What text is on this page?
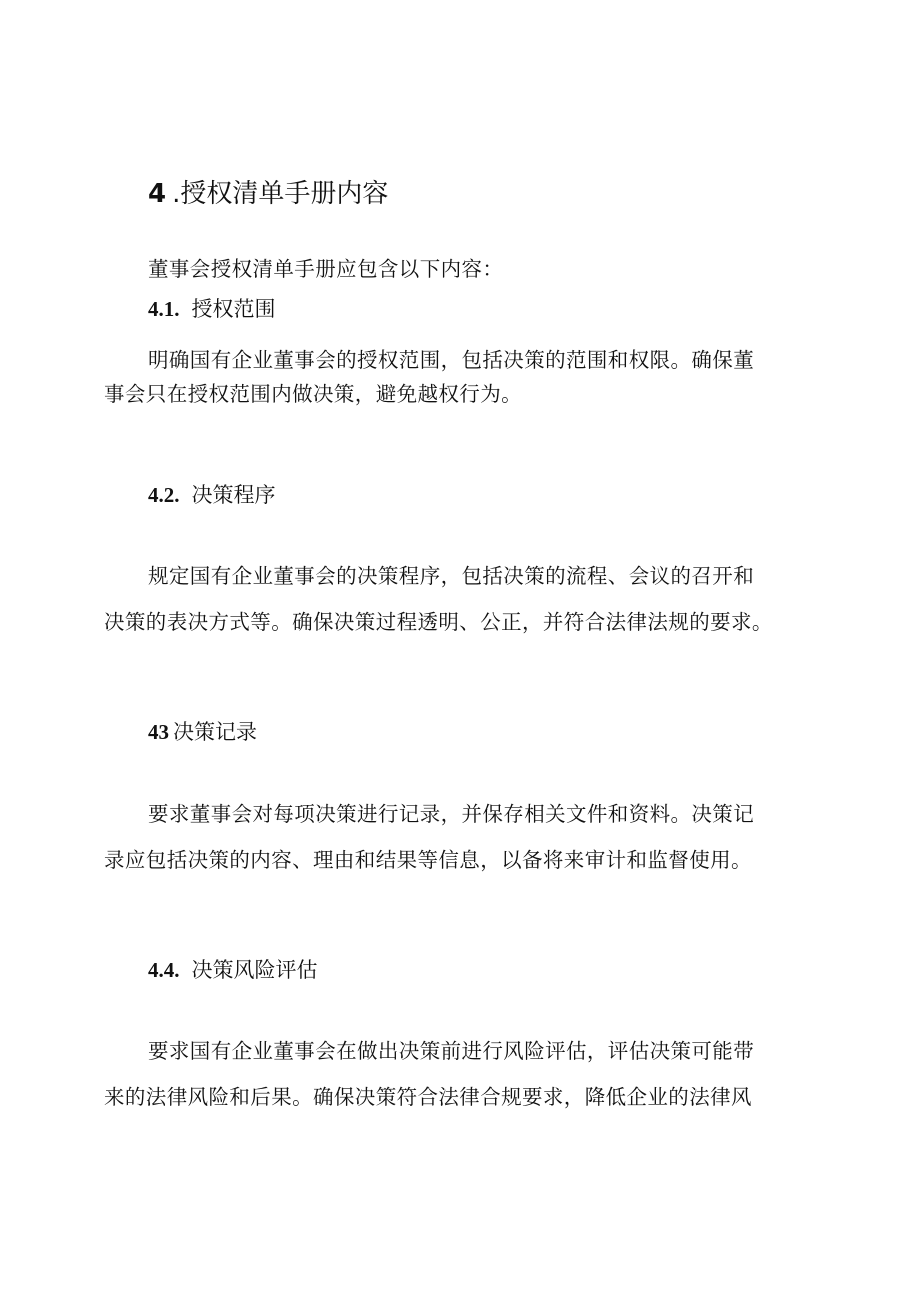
4 .授权清单手册内容

董事会授权清单手册应包含以下内容：

4.1. 授权范围

明确国有企业董事会的授权范围，包括决策的范围和权限。确保董
事会只在授权范围内做决策，避免越权行为。

4.2. 决策程序

规定国有企业董事会的决策程序，包括决策的流程、会议的召开和
决策的表决方式等。确保决策过程透明、公正，并符合法律法规的要求。

43 决策记录

要求董事会对每项决策进行记录，并保存相关文件和资料。决策记
录应包括决策的内容、理由和结果等信息，以备将来审计和监督使用。

4.4. 决策风险评估

要求国有企业董事会在做出决策前进行风险评估，评估决策可能带
来的法律风险和后果。确保决策符合法律合规要求，降低企业的法律风
